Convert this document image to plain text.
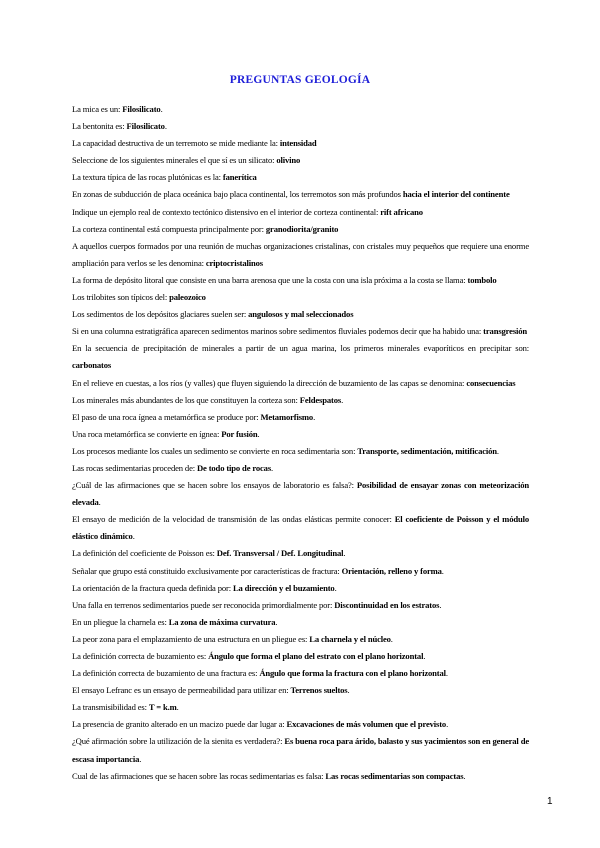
PREGUNTAS GEOLOGÍA

La mica es un: Filosilicato.

La bentonita es: Filosilicato.

La capacidad destructiva de un terremoto se mide mediante la: intensidad

Seleccione de los siguientes minerales el que sí es un silicato: olivino

La textura típica de las rocas plutónicas es la: fanerítica

En zonas de subducción de placa oceánica bajo placa continental, los terremotos son más profundos hacia el interior del continente

Indique un ejemplo real de contexto tectónico distensivo en el interior de corteza continental: rift africano

La corteza continental está compuesta principalmente por: granodiorita/granito

A aquellos cuerpos formados por una reunión de muchas organizaciones cristalinas, con cristales muy pequeños que requiere una enorme ampliación para verlos se les denomina: criptocristalinos

La forma de depósito litoral que consiste en una barra arenosa que une la costa con una isla próxima a la costa se llama: tombolo

Los trilobites son típicos del: paleozoico

Los sedimentos de los depósitos glaciares suelen ser: angulosos y mal seleccionados

Si en una columna estratigráfica aparecen sedimentos marinos sobre sedimentos fluviales podemos decir que ha habido una: transgresión

En la secuencia de precipitación de minerales a partir de un agua marina, los primeros minerales evaporíticos en precipitar son: carbonatos

En el relieve en cuestas, a los ríos (y valles) que fluyen siguiendo la dirección de buzamiento de las capas se denomina: consecuencias

Los minerales más abundantes de los que constituyen la corteza son: Feldespatos.

El paso de una roca ígnea a metamórfica se produce por: Metamorfismo.

Una roca metamórfica se convierte en ígnea: Por fusión.

Los procesos mediante los cuales un sedimento se convierte en roca sedimentaria son: Transporte, sedimentación, mitificación.

Las rocas sedimentarias proceden de: De todo tipo de rocas.

¿Cuál de las afirmaciones que se hacen sobre los ensayos de laboratorio es falsa?: Posibilidad de ensayar zonas con meteorización elevada.

El ensayo de medición de la velocidad de transmisión de las ondas elásticas permite conocer: El coeficiente de Poisson y el módulo elástico dinámico.

La definición del coeficiente de Poisson es: Def. Transversal / Def. Longitudinal.

Señalar que grupo está constituido exclusivamente por características de fractura: Orientación, relleno y forma.

La orientación de la fractura queda definida por: La dirección y el buzamiento.

Una falla en terrenos sedimentarios puede ser reconocida primordialmente por: Discontinuidad en los estratos.

En un pliegue la charnela es: La zona de máxima curvatura.

La peor zona para el emplazamiento de una estructura en un pliegue es: La charnela y el núcleo.

La definición correcta de buzamiento es: Ángulo que forma el plano del estrato con el plano horizontal.

La definición correcta de buzamiento de una fractura es: Ángulo que forma la fractura con el plano horizontal.

El ensayo Lefranc es un ensayo de permeabilidad para utilizar en: Terrenos sueltos.

La transmisibilidad es: T = k.m.

La presencia de granito alterado en un macizo puede dar lugar a: Excavaciones de más volumen que el previsto.

¿Qué afirmación sobre la utilización de la sienita es verdadera?: Es buena roca para árido, balasto y sus yacimientos son en general de escasa importancia.

Cual de las afirmaciones que se hacen sobre las rocas sedimentarias es falsa: Las rocas sedimentarias son compactas.

1
